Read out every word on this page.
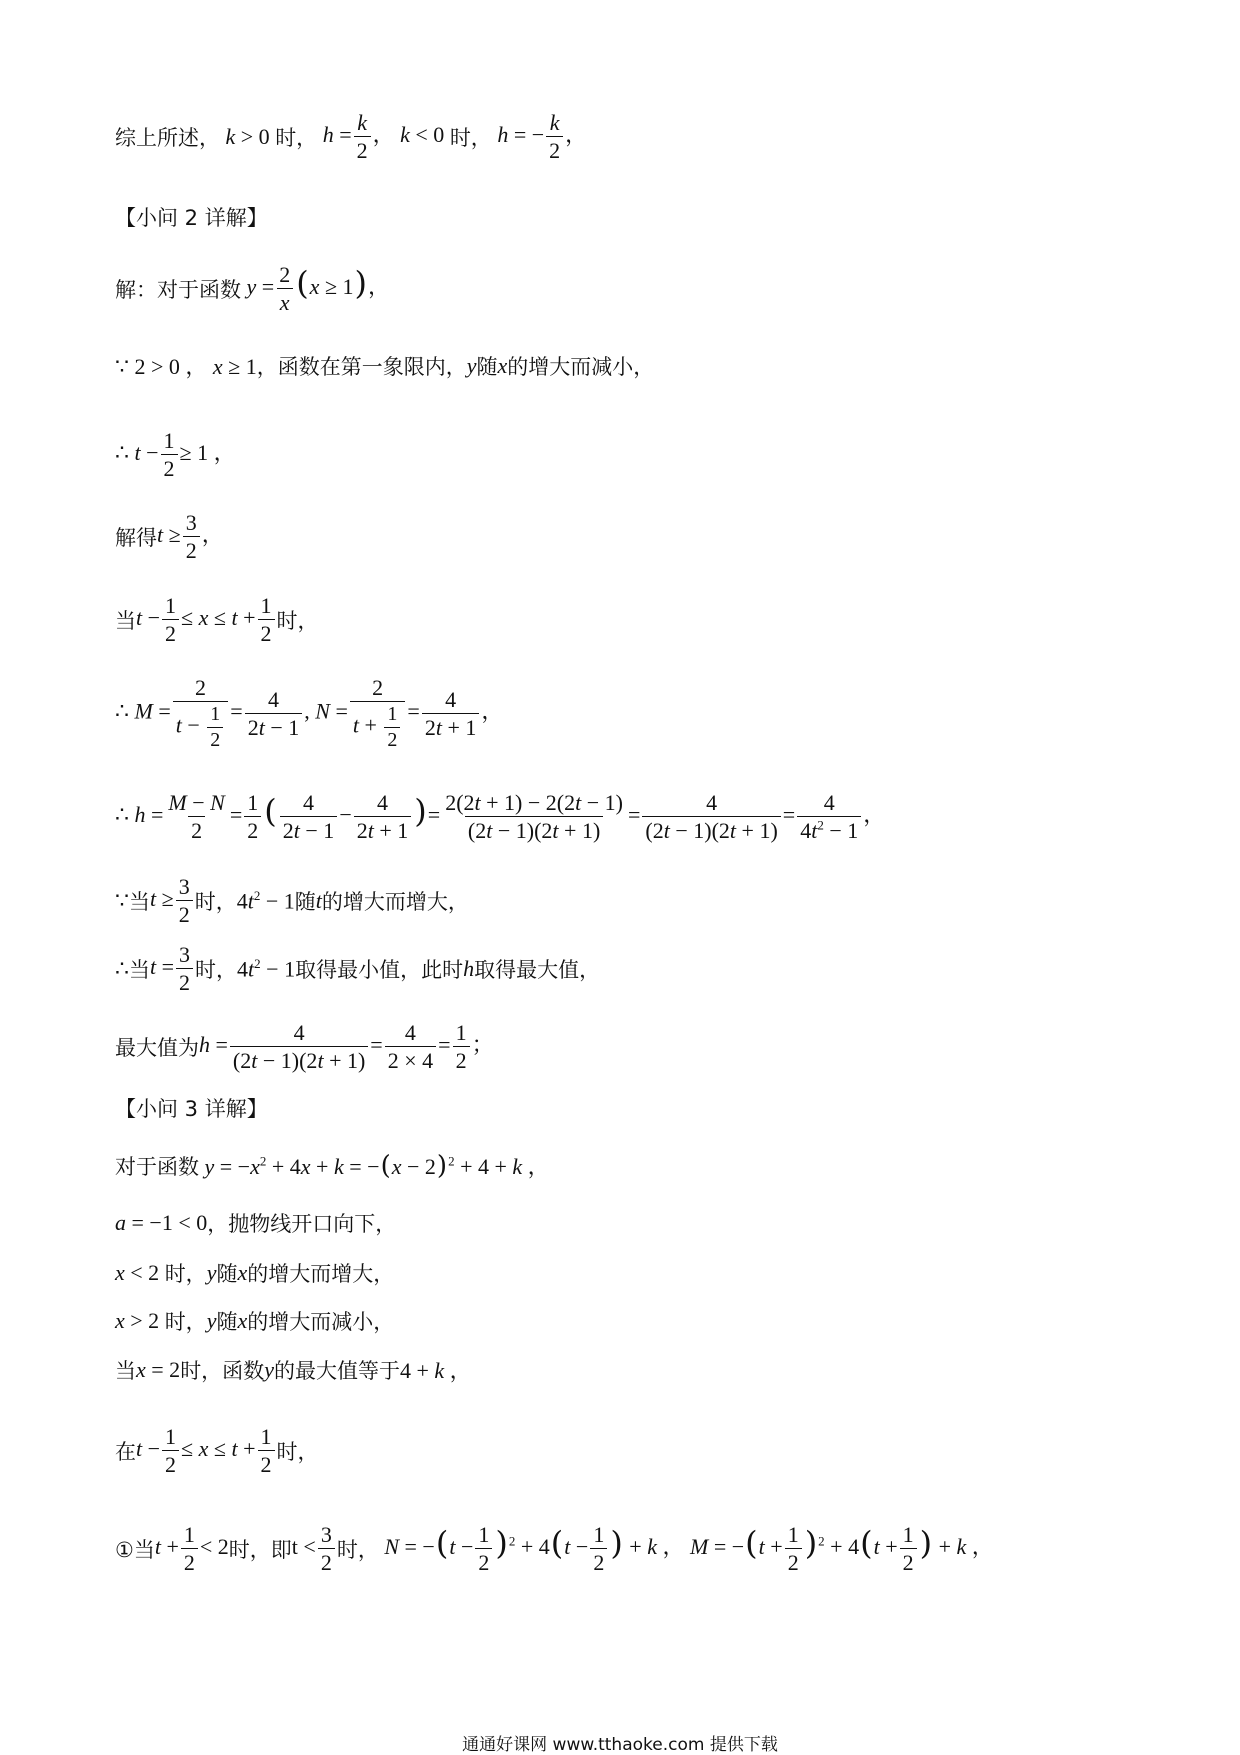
综上所述， k > 0 时， $h = \frac{k}{2}$ ， k < 0 时， h = − $\frac{k}{2}$ ，
【小问 2 详解】
解：对于函数 $y = \frac{2}{x} (x \ge 1)$，
∵ 2 > 0 ， x ≥ 1 ，函数在第一象限内， y 随 x 的增大而减小，
∴ $t - \frac{1}{2} \ge 1$ ，
解得 $t \ge \frac{3}{2}$ ，
当 $t - \frac{1}{2} \le x \le t + \frac{1}{2}$ 时，
∴ $M = \frac{2}{t - \frac{1}{2}} = \frac{4}{2t - 1}$ , $N = \frac{2}{t + \frac{1}{2}} = \frac{4}{2t + 1}$ ，
∴ $h = \frac{M - N}{2} = \frac{1}{2}$ ( $\frac{4}{2t - 1} - \frac{4}{2t + 1}$ )= $\frac{2(2t + 1) - 2(2t - 1)}{(2t - 1)(2t + 1)} = \frac{4}{(2t - 1)(2t + 1)} = \frac{4}{4t^2 - 1}$ ，
∵ 当 $t \ge \frac{3}{2}$ 时， $4t^2 - 1$ 随 t 的增大而增大，
∴ 当 $t = \frac{3}{2}$ 时， $4t^2 - 1$ 取得最小值，此时 h 取得最大值，
最大值为 $h = \frac{4}{(2t - 1)(2t + 1)} = \frac{4}{2 \times 4} = \frac{1}{2}$ ；
【小问 3 详解】
对于函数 $y = -x^2 + 4x + k = -(x - 2)^2 + 4 + k$ ，
a = −1 < 0 ，抛物线开口向下，
x < 2 时， y 随 x 的增大而增大，
x > 2 时， y 随 x 的增大而减小，
当 x = 2 时，函数 y 的最大值等于 4 + k ，
在 $t - \frac{1}{2} \le x \le t + \frac{1}{2}$ 时，
①当 $t + \frac{1}{2} < 2$ 时，即 $t < \frac{3}{2}$ 时， $N = -(t - \frac{1}{2} )^2 + 4(t - \frac{1}{2}$ ) + k ， $M = -(t + \frac{1}{2} )^2 + 4(t + \frac{1}{2}$ ) + k ，
通通好课网 www.tthaoke.com 提供下载
